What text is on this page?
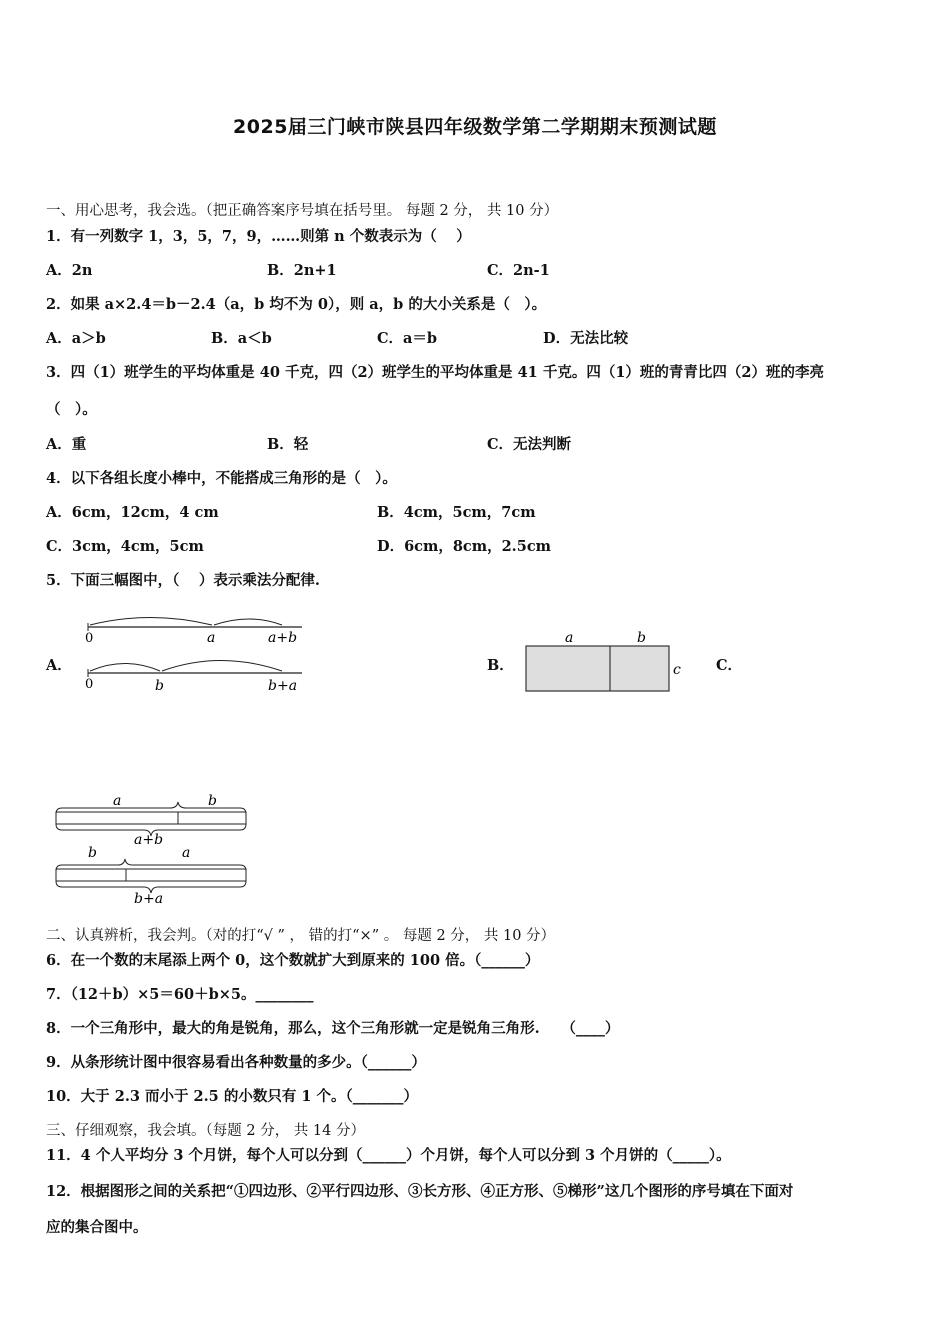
2025届三门峡市陕县四年级数学第二学期期末预测试题
一、用心思考，我会选。（把正确答案序号填在括号里。 每题 2 分， 共 10 分）
1．有一列数字 1，3，5，7，9，……则第 n 个数表示为（　 ）
A．2n	B．2n+1	C．2n-1
2．如果 a×2.4＝b－2.4（a，b 均不为 0），则 a，b 的大小关系是（　）。
A．a＞b	B．a＜b	C．a＝b	D．无法比较
3．四（1）班学生的平均体重是 40 千克，四（2）班学生的平均体重是 41 千克。四（1）班的青青比四（2）班的李亮
（　）。
A．重	B．轻	C．无法判断
4．以下各组长度小棒中，不能搭成三角形的是（　）。
A．6cm，12cm，4 cm	B．4cm，5cm，7cm
C．3cm，4cm，5cm	D．6cm，8cm，2.5cm
5．下面三幅图中，（　 ）表示乘法分配律.
A．
0	a	a+b
0	b	b+a
B．
a	b
c C．
a	b
a+b
b	a
b+a
二、认真辨析，我会判。（对的打“√ ” ， 错的打“×” 。 每题 2 分， 共 10 分）
6．在一个数的末尾添上两个 0，这个数就扩大到原来的 100 倍。（______）
7．（12＋b）×5＝60＋b×5。________
8．一个三角形中，最大的角是锐角，那么，这个三角形就一定是锐角三角形.　　（____）
9．从条形统计图中很容易看出各种数量的多少。（______）
10．大于 2.3 而小于 2.5 的小数只有 1 个。（_______）
三、仔细观察，我会填。（每题 2 分， 共 14 分）
11．4 个人平均分 3 个月饼，每个人可以分到（______）个月饼，每个人可以分到 3 个月饼的（_____）。
12．根据图形之间的关系把“①四边形、②平行四边形、③长方形、④正方形、⑤梯形”这几个图形的序号填在下面对
应的集合图中。
